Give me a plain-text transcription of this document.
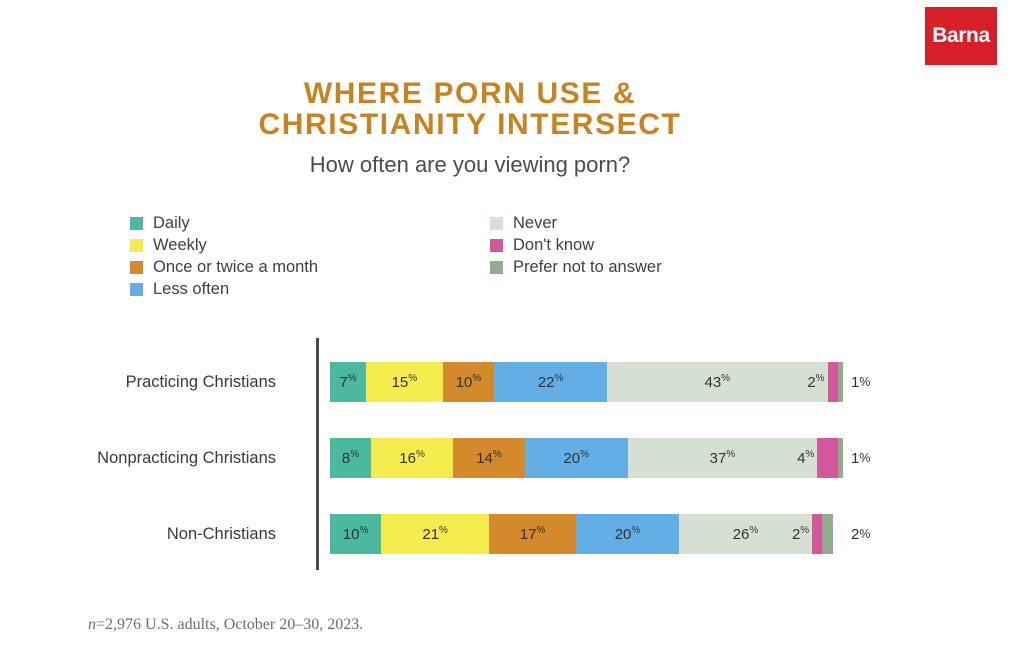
Barna
WHERE PORN USE &
CHRISTIANITY INTERSECT
How often are you viewing porn?
Daily
Weekly
Once or twice a month
Less often
Never
Don't know
Prefer not to answer
Practicing Christians	7% 15%	10%	22%	43%	2% 1 %
Nonpracticing Christians	8%	16%	14%	20%	37%	4% 1 %
Non-Christians	10%	21%	17%	20%	26% 2%	2 %
n=2,976 U.S. adults, October 20–30, 2023.
